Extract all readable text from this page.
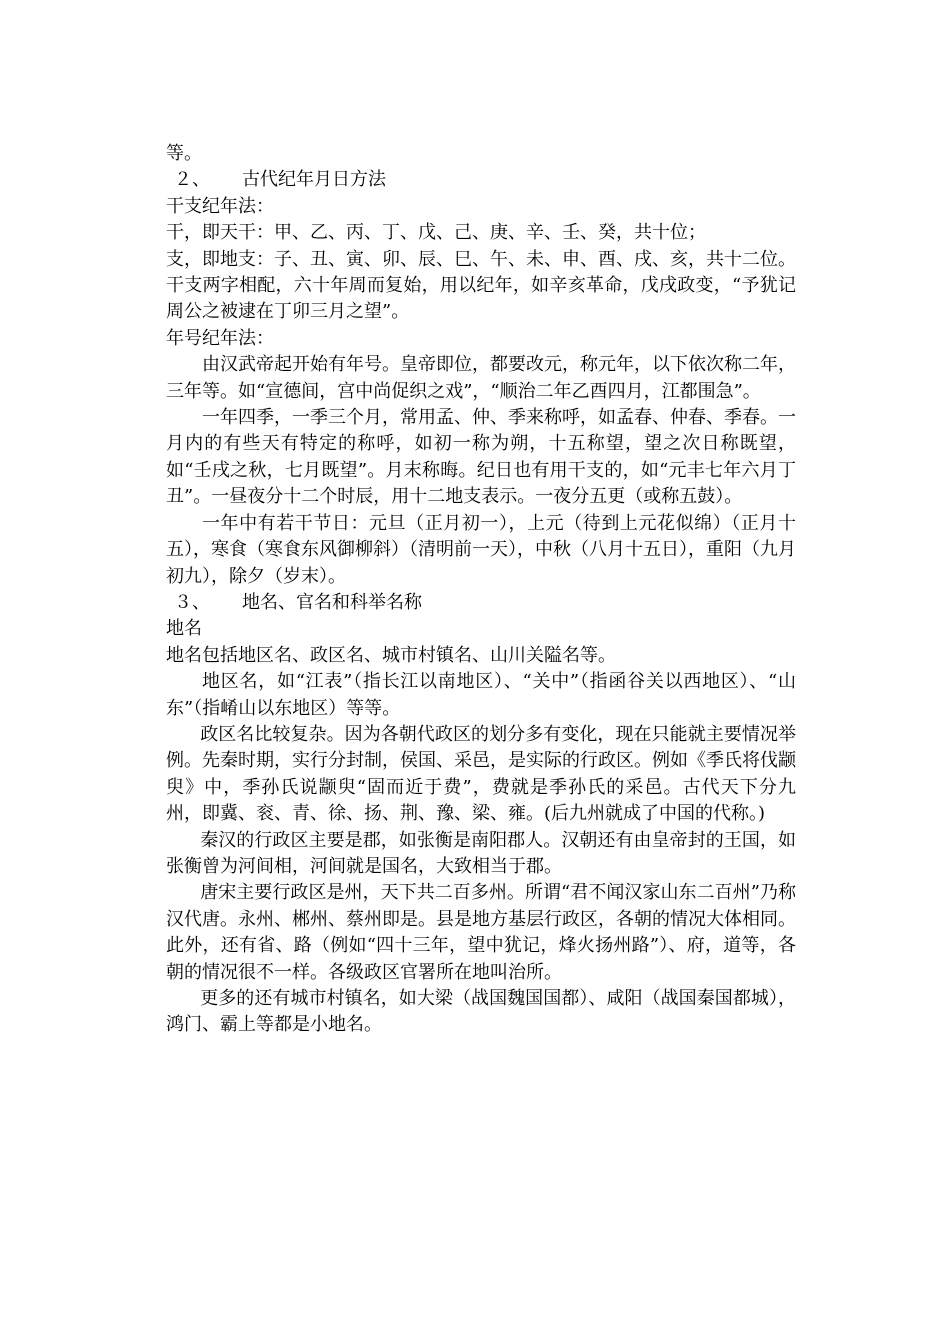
等。

２、 古代纪年月日方法

干支纪年法：

干，即天干：甲、乙、丙、丁、戊、己、庚、辛、壬、癸，共十位；

支，即地支：子、丑、寅、卯、辰、巳、午、未、申、酉、戌、亥，共十二位。干支两字相配，六十年周而复始，用以纪年，如辛亥革命，戊戌政变，“予犹记周公之被逮在丁卯三月之望”。

年号纪年法：

由汉武帝起开始有年号。皇帝即位，都要改元，称元年，以下依次称二年，三年等。如“宣德间，宫中尚促织之戏”，“顺治二年乙酉四月，江都围急”。

一年四季，一季三个月，常用孟、仲、季来称呼，如孟春、仲春、季春。一月内的有些天有特定的称呼，如初一称为朔，十五称望，望之次日称既望，如“壬戌之秋，七月既望”。月末称晦。纪日也有用干支的，如“元丰七年六月丁丑”。一昼夜分十二个时辰，用十二地支表示。一夜分五更（或称五鼓）。

一年中有若干节日：元旦（正月初一），上元（待到上元花似绵）（正月十五），寒食（寒食东风御柳斜）（清明前一天），中秋（八月十五日），重阳（九月初九），除夕（岁末）。

３、 地名、官名和科举名称

地名

地名包括地区名、政区名、城市村镇名、山川关隘名等。

地区名，如“江表”（指长江以南地区）、“关中”（指函谷关以西地区）、“山东”（指崤山以东地区）等等。

政区名比较复杂。因为各朝代政区的划分多有变化，现在只能就主要情况举例。先秦时期，实行分封制，侯国、采邑，是实际的行政区。例如《季氏将伐颛臾》中，季孙氏说颛臾“固而近于费”，费就是季孙氏的采邑。古代天下分九州，即冀、衮、青、徐、扬、荆、豫、梁、雍。(后九州就成了中国的代称。)

秦汉的行政区主要是郡，如张衡是南阳郡人。汉朝还有由皇帝封的王国，如张衡曾为河间相，河间就是国名，大致相当于郡。

唐宋主要行政区是州，天下共二百多州。所谓“君不闻汉家山东二百州”乃称汉代唐。永州、郴州、蔡州即是。县是地方基层行政区，各朝的情况大体相同。此外，还有省、路（例如“四十三年，望中犹记，烽火扬州路”）、府，道等，各朝的情况很不一样。各级政区官署所在地叫治所。

更多的还有城市村镇名，如大梁（战国魏国国都）、咸阳（战国秦国都城），鸿门、霸上等都是小地名。
